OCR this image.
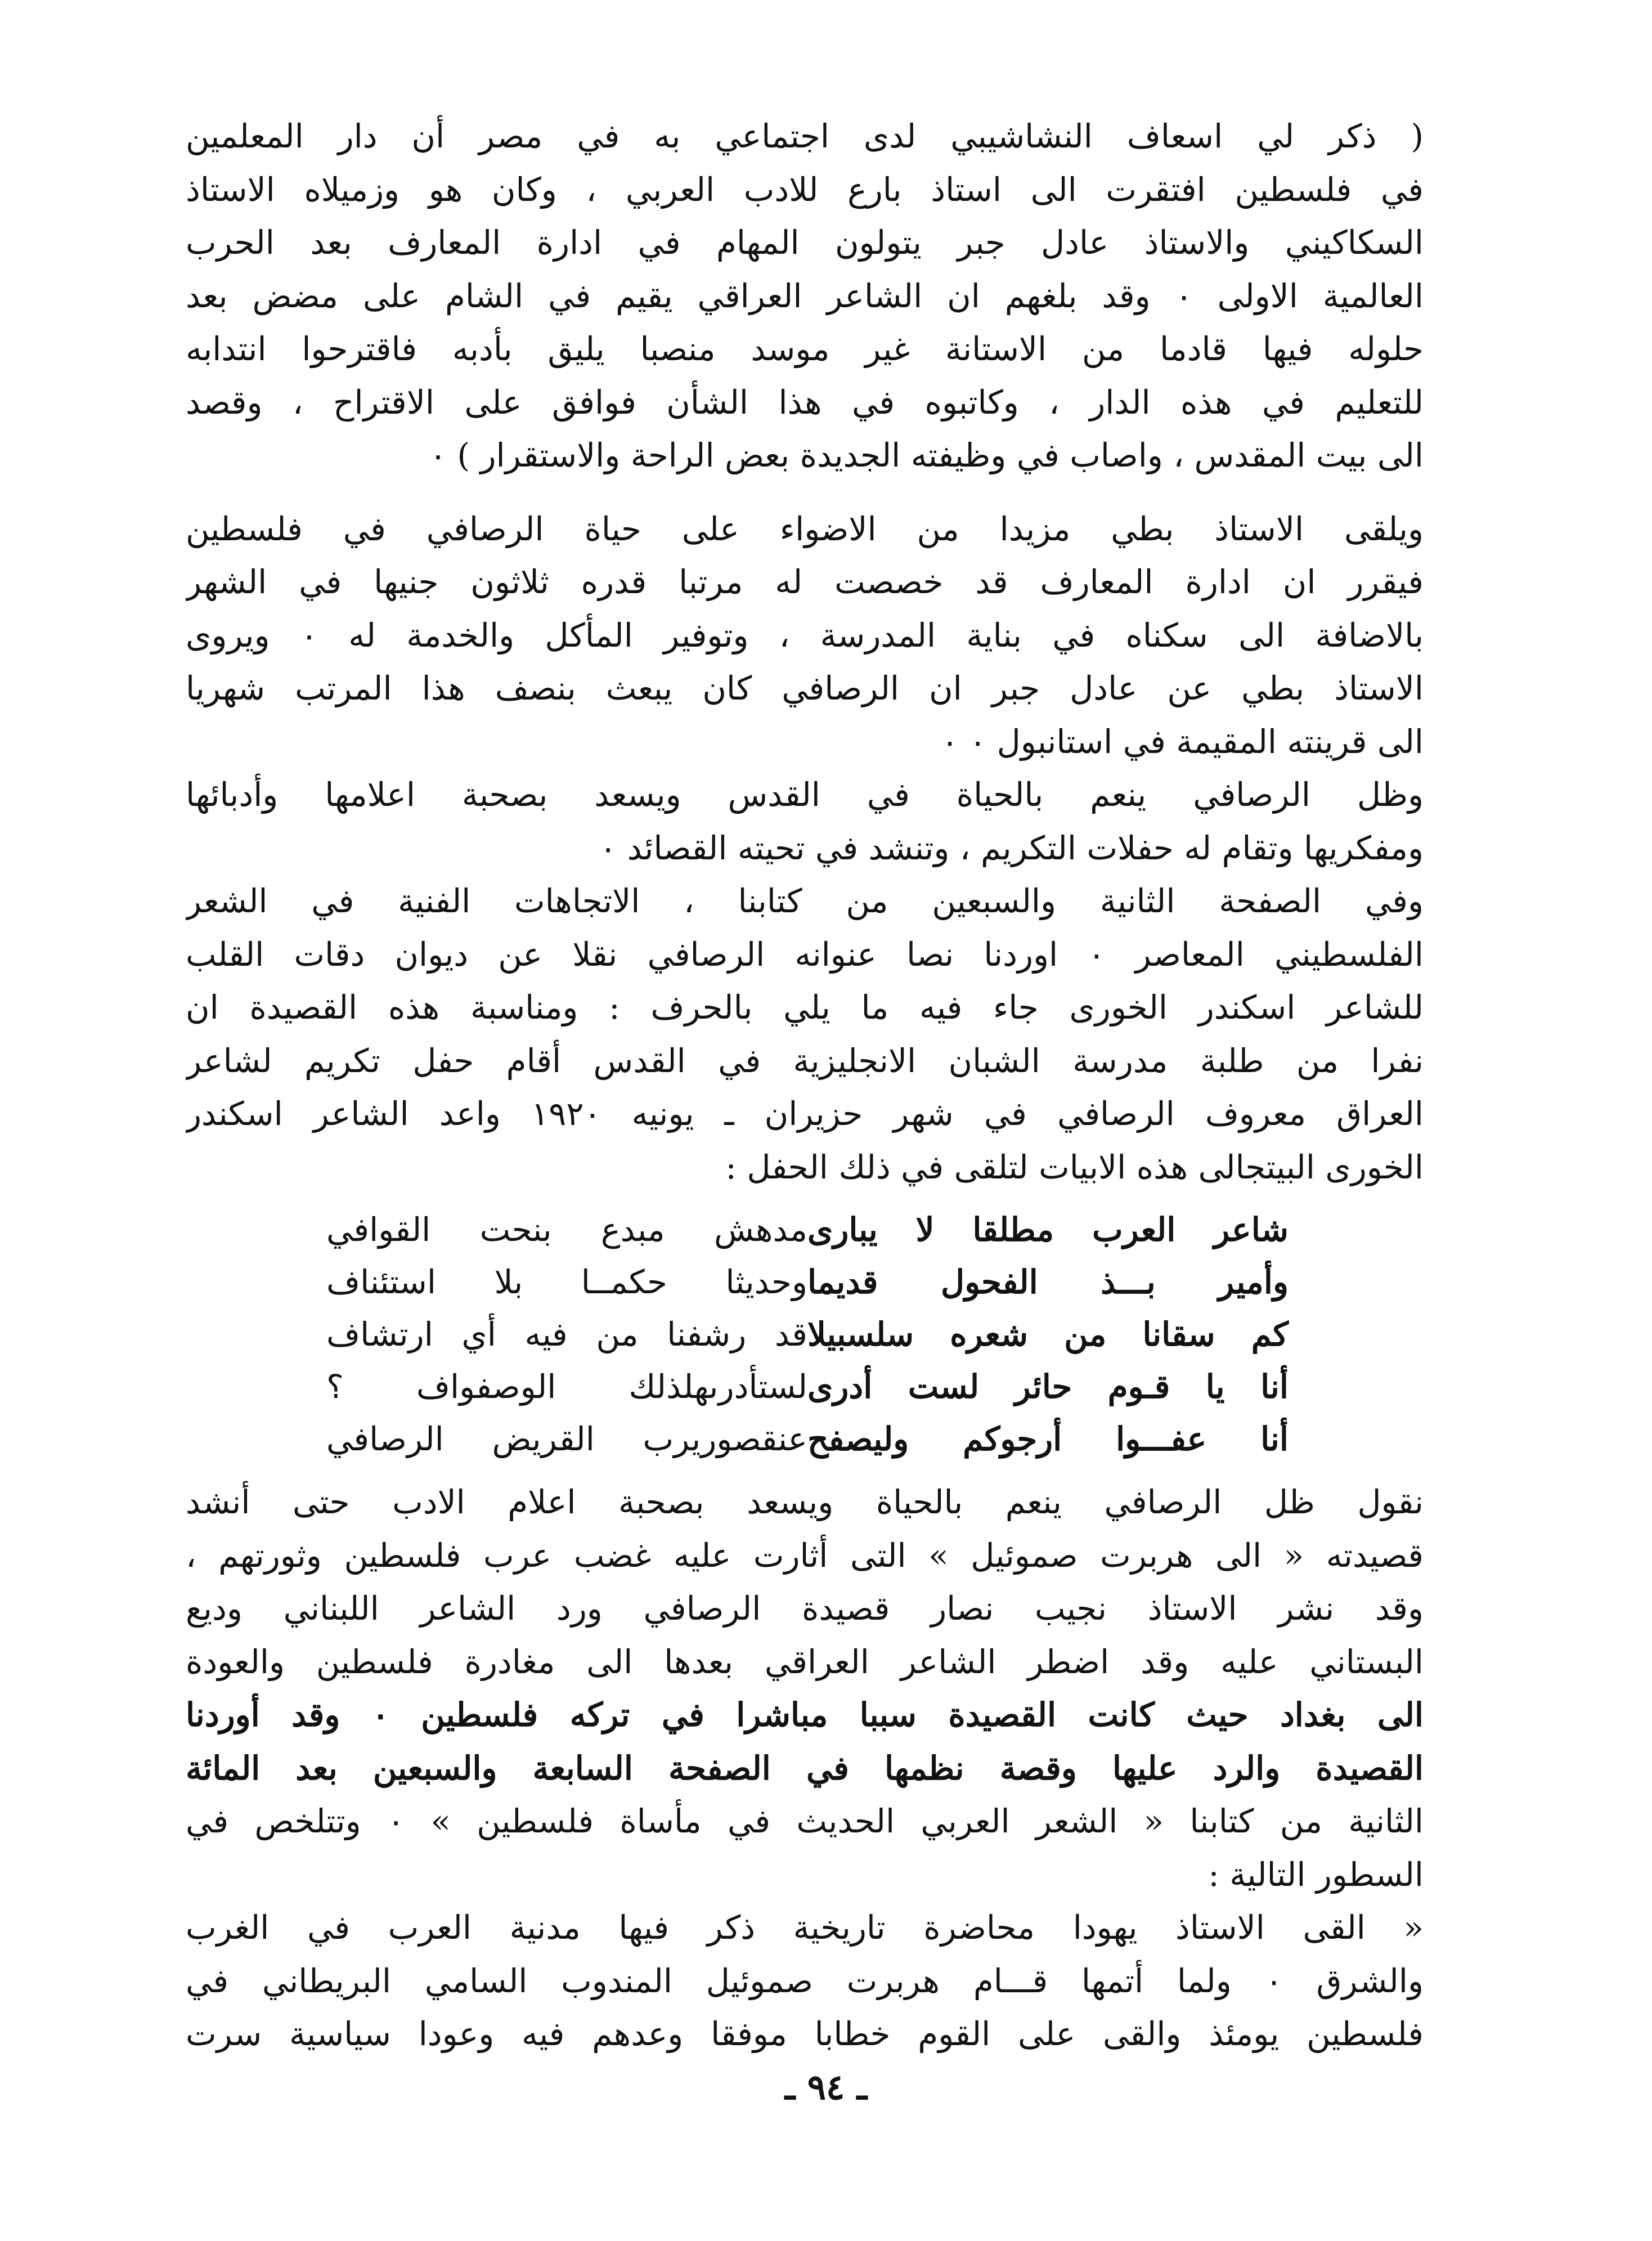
( ذكر لي اسعاف النشاشيبي لدى اجتماعي به في مصر أن دار المعلمين
في فلسطين افتقرت الى استاذ بارع للادب العربي ، وكان هو وزميلاه الاستاذ
السكاكيني والاستاذ عادل جبر يتولون المهام في ادارة المعارف بعد الحرب
العالمية الاولى ٠ وقد بلغهم ان الشاعر العراقي يقيم في الشام على مضض بعد
حلوله فيها قادما من الاستانة غير موسد منصبا يليق بأدبه فاقترحوا انتدابه
للتعليم في هذه الدار ، وكاتبوه في هذا الشأن فوافق على الاقتراح ، وقصد
الى بيت المقدس ، واصاب في وظيفته الجديدة بعض الراحة والاستقرار ) ٠
ويلقى الاستاذ بطي مزيدا من الاضواء على حياة الرصافي في فلسطين
فيقرر ان ادارة المعارف قد خصصت له مرتبا قدره ثلاثون جنيها في الشهر
بالاضافة الى سكناه في بناية المدرسة ، وتوفير المأكل والخدمة له ٠ ويروى
الاستاذ بطي عن عادل جبر ان الرصافي كان يبعث بنصف هذا المرتب شهريا
الى قرينته المقيمة في استانبول ٠ ٠
وظل الرصافي ينعم بالحياة في القدس ويسعد بصحبة اعلامها وأدبائها
ومفكريها وتقام له حفلات التكريم ، وتنشد في تحيته القصائد ٠
وفي الصفحة الثانية والسبعين من كتابنا ، الاتجاهات الفنية في الشعر
الفلسطيني المعاصر ٠ اوردنا نصا عنوانه الرصافي نقلا عن ديوان دقات القلب
للشاعر اسكندر الخورى جاء فيه ما يلي بالحرف : ومناسبة هذه القصيدة ان
نفرا من طلبة مدرسة الشبان الانجليزية في القدس أقام حفل تكريم لشاعر
العراق معروف الرصافي في شهر حزيران ـ يونيه ١٩٢٠ واعد الشاعر اسكندر
الخورى البيتجالى هذه الابيات لتلقى في ذلك الحفل :
شاعر العرب مطلقا لا يبارى
مدهش مبدع بنحت القوافي
وأمير بـــذ الفحول قديما
وحديثا حكمــا بلا استئناف
كم سقانا من شعره سلسبيلا
قد رشفنا من فيه أي ارتشاف
أنا يا قـوم حائر لست أدرى
لستأدرىهلذلك الوصفواف ؟
أنا عفـــوا أرجوكم وليصفح
عنقصوريرب القريض الرصافي
نقول ظل الرصافي ينعم بالحياة ويسعد بصحبة اعلام الادب حتى أنشد
قصيدته « الى هربرت صموئيل » التى أثارت عليه غضب عرب فلسطين وثورتهم ،
وقد نشر الاستاذ نجيب نصار قصيدة الرصافي ورد الشاعر اللبناني وديع
البستاني عليه وقد اضطر الشاعر العراقي بعدها الى مغادرة فلسطين والعودة
الى بغداد حيث كانت القصيدة سببا مباشرا في تركه فلسطين ٠ وقد أوردنا
القصيدة والرد عليها وقصة نظمها في الصفحة السابعة والسبعين بعد المائة
الثانية من كتابنا « الشعر العربي الحديث في مأساة فلسطين » ٠ وتتلخص في
السطور التالية :
« القى الاستاذ يهودا محاضرة تاريخية ذكر فيها مدنية العرب في الغرب
والشرق ٠ ولما أتمها قـــام هربرت صموئيل المندوب السامي البريطاني في
فلسطين يومئذ والقى على القوم خطابا موفقا وعدهم فيه وعودا سياسية سرت
ـ ٩٤ ـ
